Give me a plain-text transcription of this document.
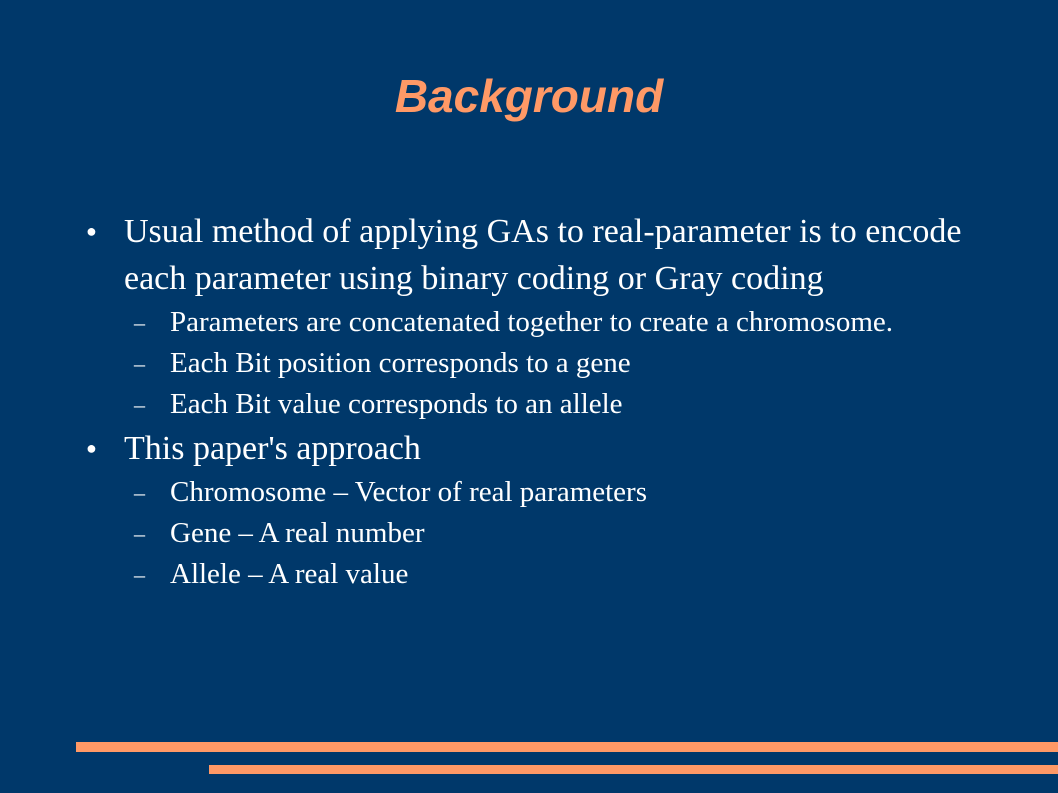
Background
● Usual method of applying GAs to real-parameter is to encode each parameter using binary coding or Gray coding
– Parameters are concatenated together to create a chromosome.
– Each Bit position corresponds to a gene
– Each Bit value corresponds to an allele
● This paper's approach
– Chromosome – Vector of real parameters
– Gene – A real number
– Allele – A real value
